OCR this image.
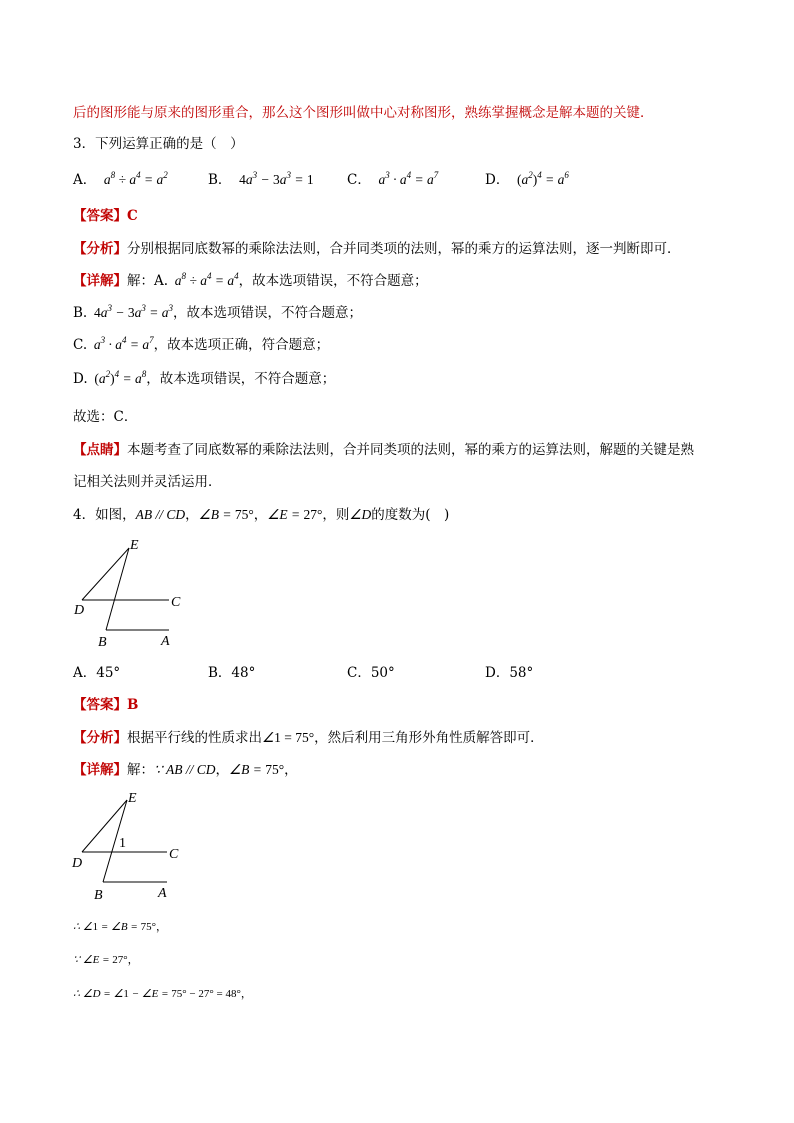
后的图形能与原来的图形重合，那么这个图形叫做中心对称图形，熟练掌握概念是解本题的关键．
3．下列运算正确的是（　）
A．  $a^8 \div a^4 = a^2$	B．  $4a^3 - 3a^3 = 1$ C．  $a^3 \cdot a^4 = a^7$	D． $(a^2)^4 = a^6$
【答案】C
【分析】分别根据同底数幂的乘除法法则，合并同类项的法则，幂的乘方的运算法则，逐一判断即可．
【详解】解：A.  $a^8 \div a^4 = a^4$，故本选项错误，不符合题意；
B.  $4a^3 - 3a^3 = a^3$，故本选项错误，不符合题意；
C.  $a^3 \cdot a^4 = a^7$，故本选项正确，符合题意；
D.  $(a^2)^4 = a^8$，故本选项错误，不符合题意；
故选：C．
【点睛】本题考查了同底数幂的乘除法法则，合并同类项的法则，幂的乘方的运算法则，解题的关键是熟
记相关法则并灵活运用．
4．如图，AB // CD，∠B = 75°，∠E = 27°，则∠D的度数为(　)
E
D
C
B	A
A．45°	B．48°	C．50°	D．58°
【答案】B
【分析】根据平行线的性质求出∠1 = 75°，然后利用三角形外角性质解答即可．
【详解】解：∵ AB // CD，∠B = 75°，
E
1
D
C
B	A
∴ ∠1 = ∠B = 75°，
∵ ∠E = 27°，
∴ ∠D = ∠1 − ∠E = 75° − 27° = 48°，
